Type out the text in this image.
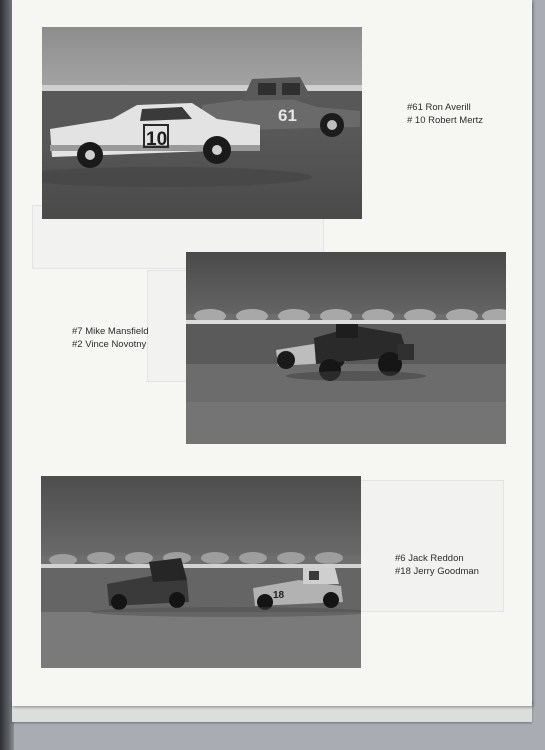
61
10
#61 Ron Averill
# 10 Robert Mertz
#7 Mike Mansfield
#2 Vince Novotny
18
#6 Jack Reddon
#18 Jerry Goodman
